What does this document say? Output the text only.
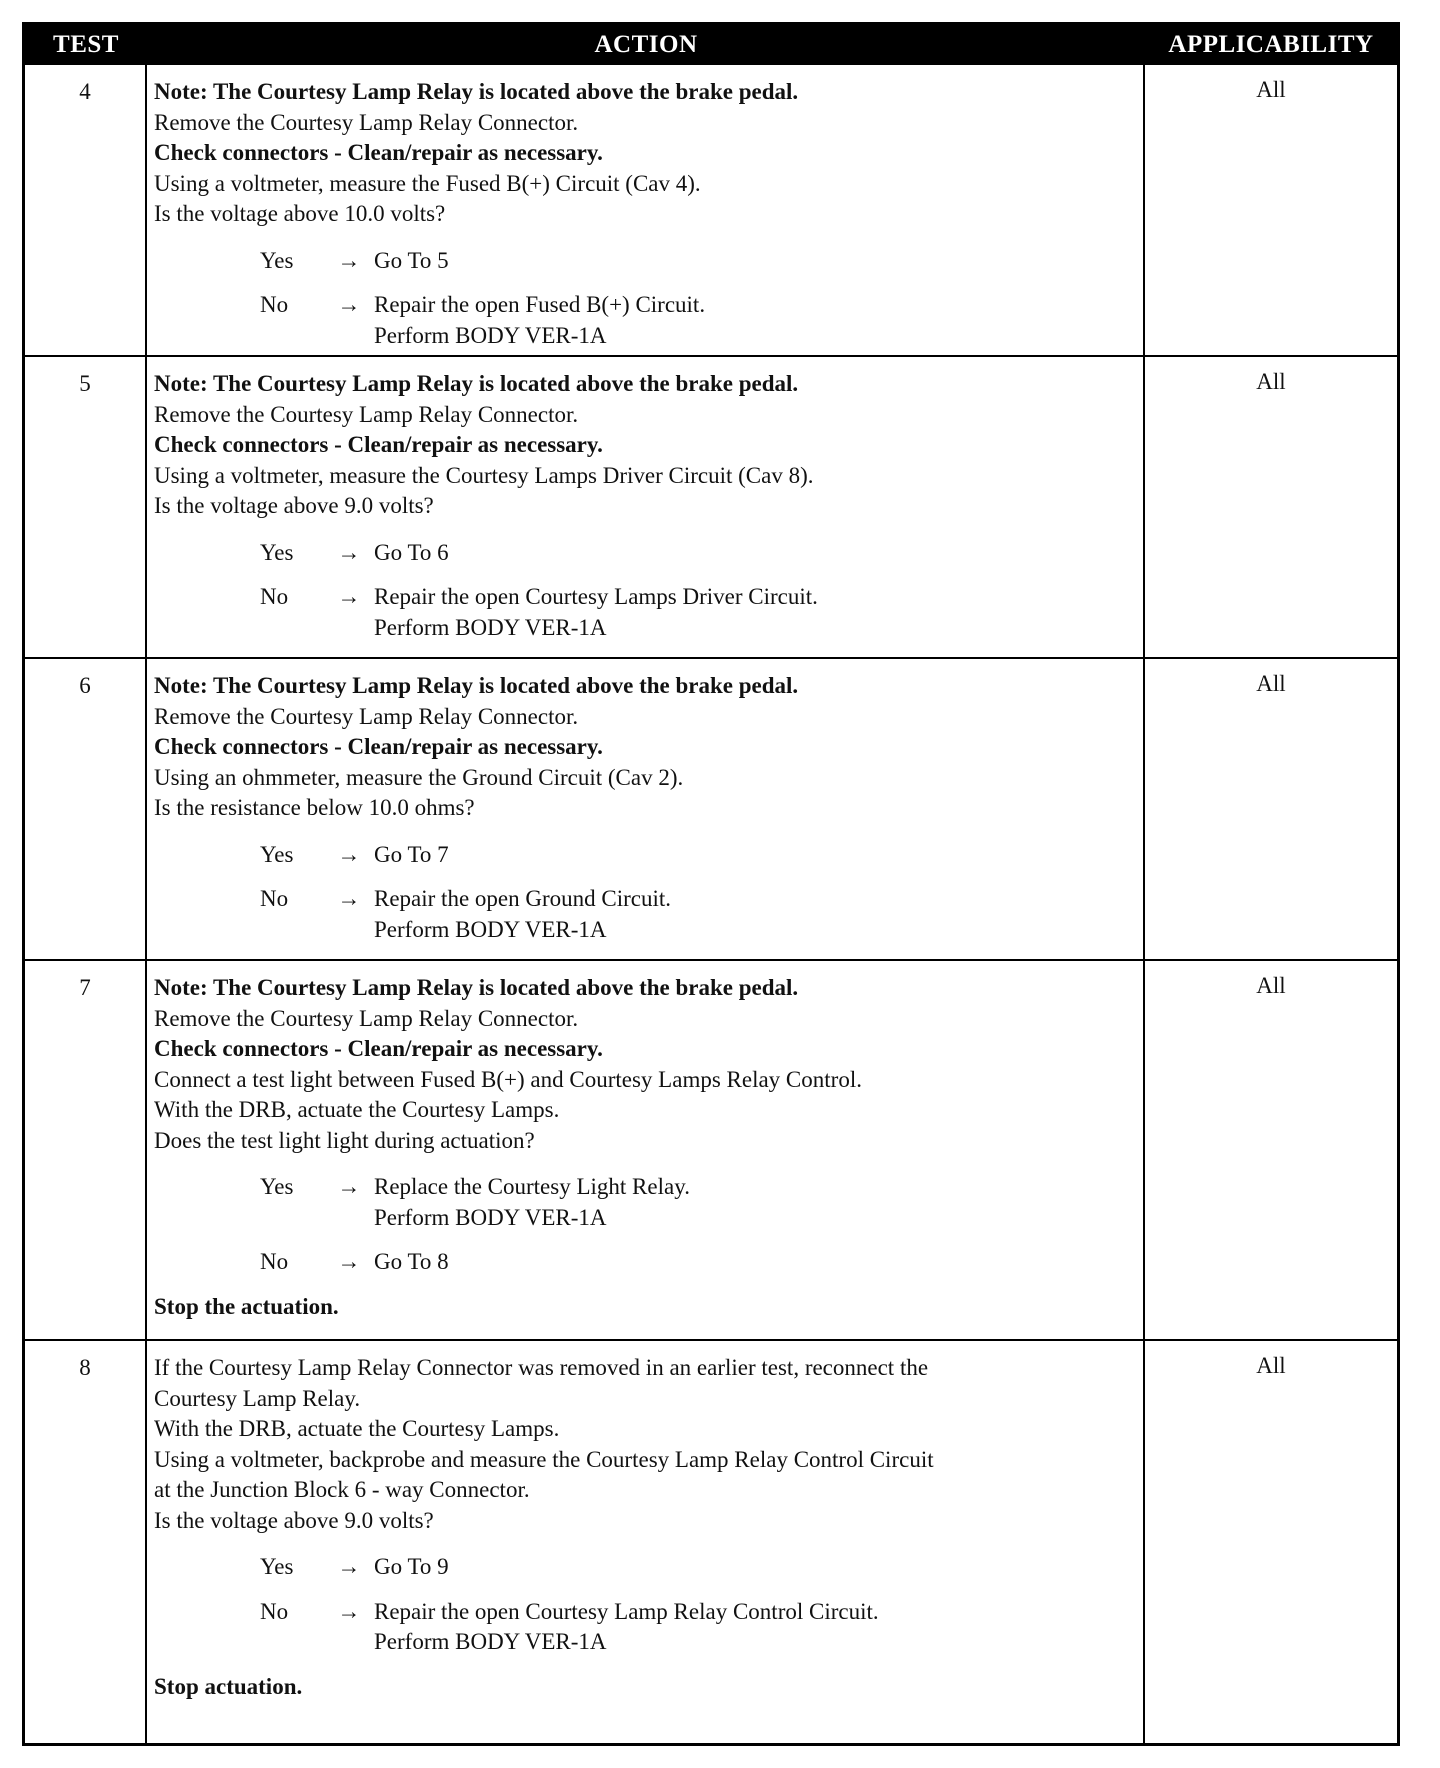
TEST	ACTION	APPLICABILITY
4	Note: The Courtesy Lamp Relay is located above the brake pedal.

Remove the Courtesy Lamp Relay Connector.

Check connectors - Clean/repair as necessary.

Using a voltmeter, measure the Fused B(+) Circuit (Cav 4).

Is the voltage above 10.0 volts?

Yes	→ Go To 5
No	→ Repair the open Fused B(+) Circuit.
Perform BODY VER-1A
All
5	Note: The Courtesy Lamp Relay is located above the brake pedal.

Remove the Courtesy Lamp Relay Connector.

Check connectors - Clean/repair as necessary.

Using a voltmeter, measure the Courtesy Lamps Driver Circuit (Cav 8).

Is the voltage above 9.0 volts?

Yes	→ Go To 6
No	→ Repair the open Courtesy Lamps Driver Circuit.
Perform BODY VER-1A
All
6	Note: The Courtesy Lamp Relay is located above the brake pedal.

Remove the Courtesy Lamp Relay Connector.

Check connectors - Clean/repair as necessary.

Using an ohmmeter, measure the Ground Circuit (Cav 2).

Is the resistance below 10.0 ohms?

Yes	→ Go To 7
No	→ Repair the open Ground Circuit.
Perform BODY VER-1A
All
7	Note: The Courtesy Lamp Relay is located above the brake pedal.

Remove the Courtesy Lamp Relay Connector.

Check connectors - Clean/repair as necessary.

Connect a test light between Fused B(+) and Courtesy Lamps Relay Control.

With the DRB, actuate the Courtesy Lamps.

Does the test light light during actuation?

Yes	→ Replace the Courtesy Light Relay.
Perform BODY VER-1A
No	→ Go To 8

Stop the actuation.

All
8	If the Courtesy Lamp Relay Connector was removed in an earlier test, reconnect the

Courtesy Lamp Relay.

With the DRB, actuate the Courtesy Lamps.

Using a voltmeter, backprobe and measure the Courtesy Lamp Relay Control Circuit

at the Junction Block 6 - way Connector.

Is the voltage above 9.0 volts?

Yes	→ Go To 9
No	→ Repair the open Courtesy Lamp Relay Control Circuit.
Perform BODY VER-1A

Stop actuation.

All
